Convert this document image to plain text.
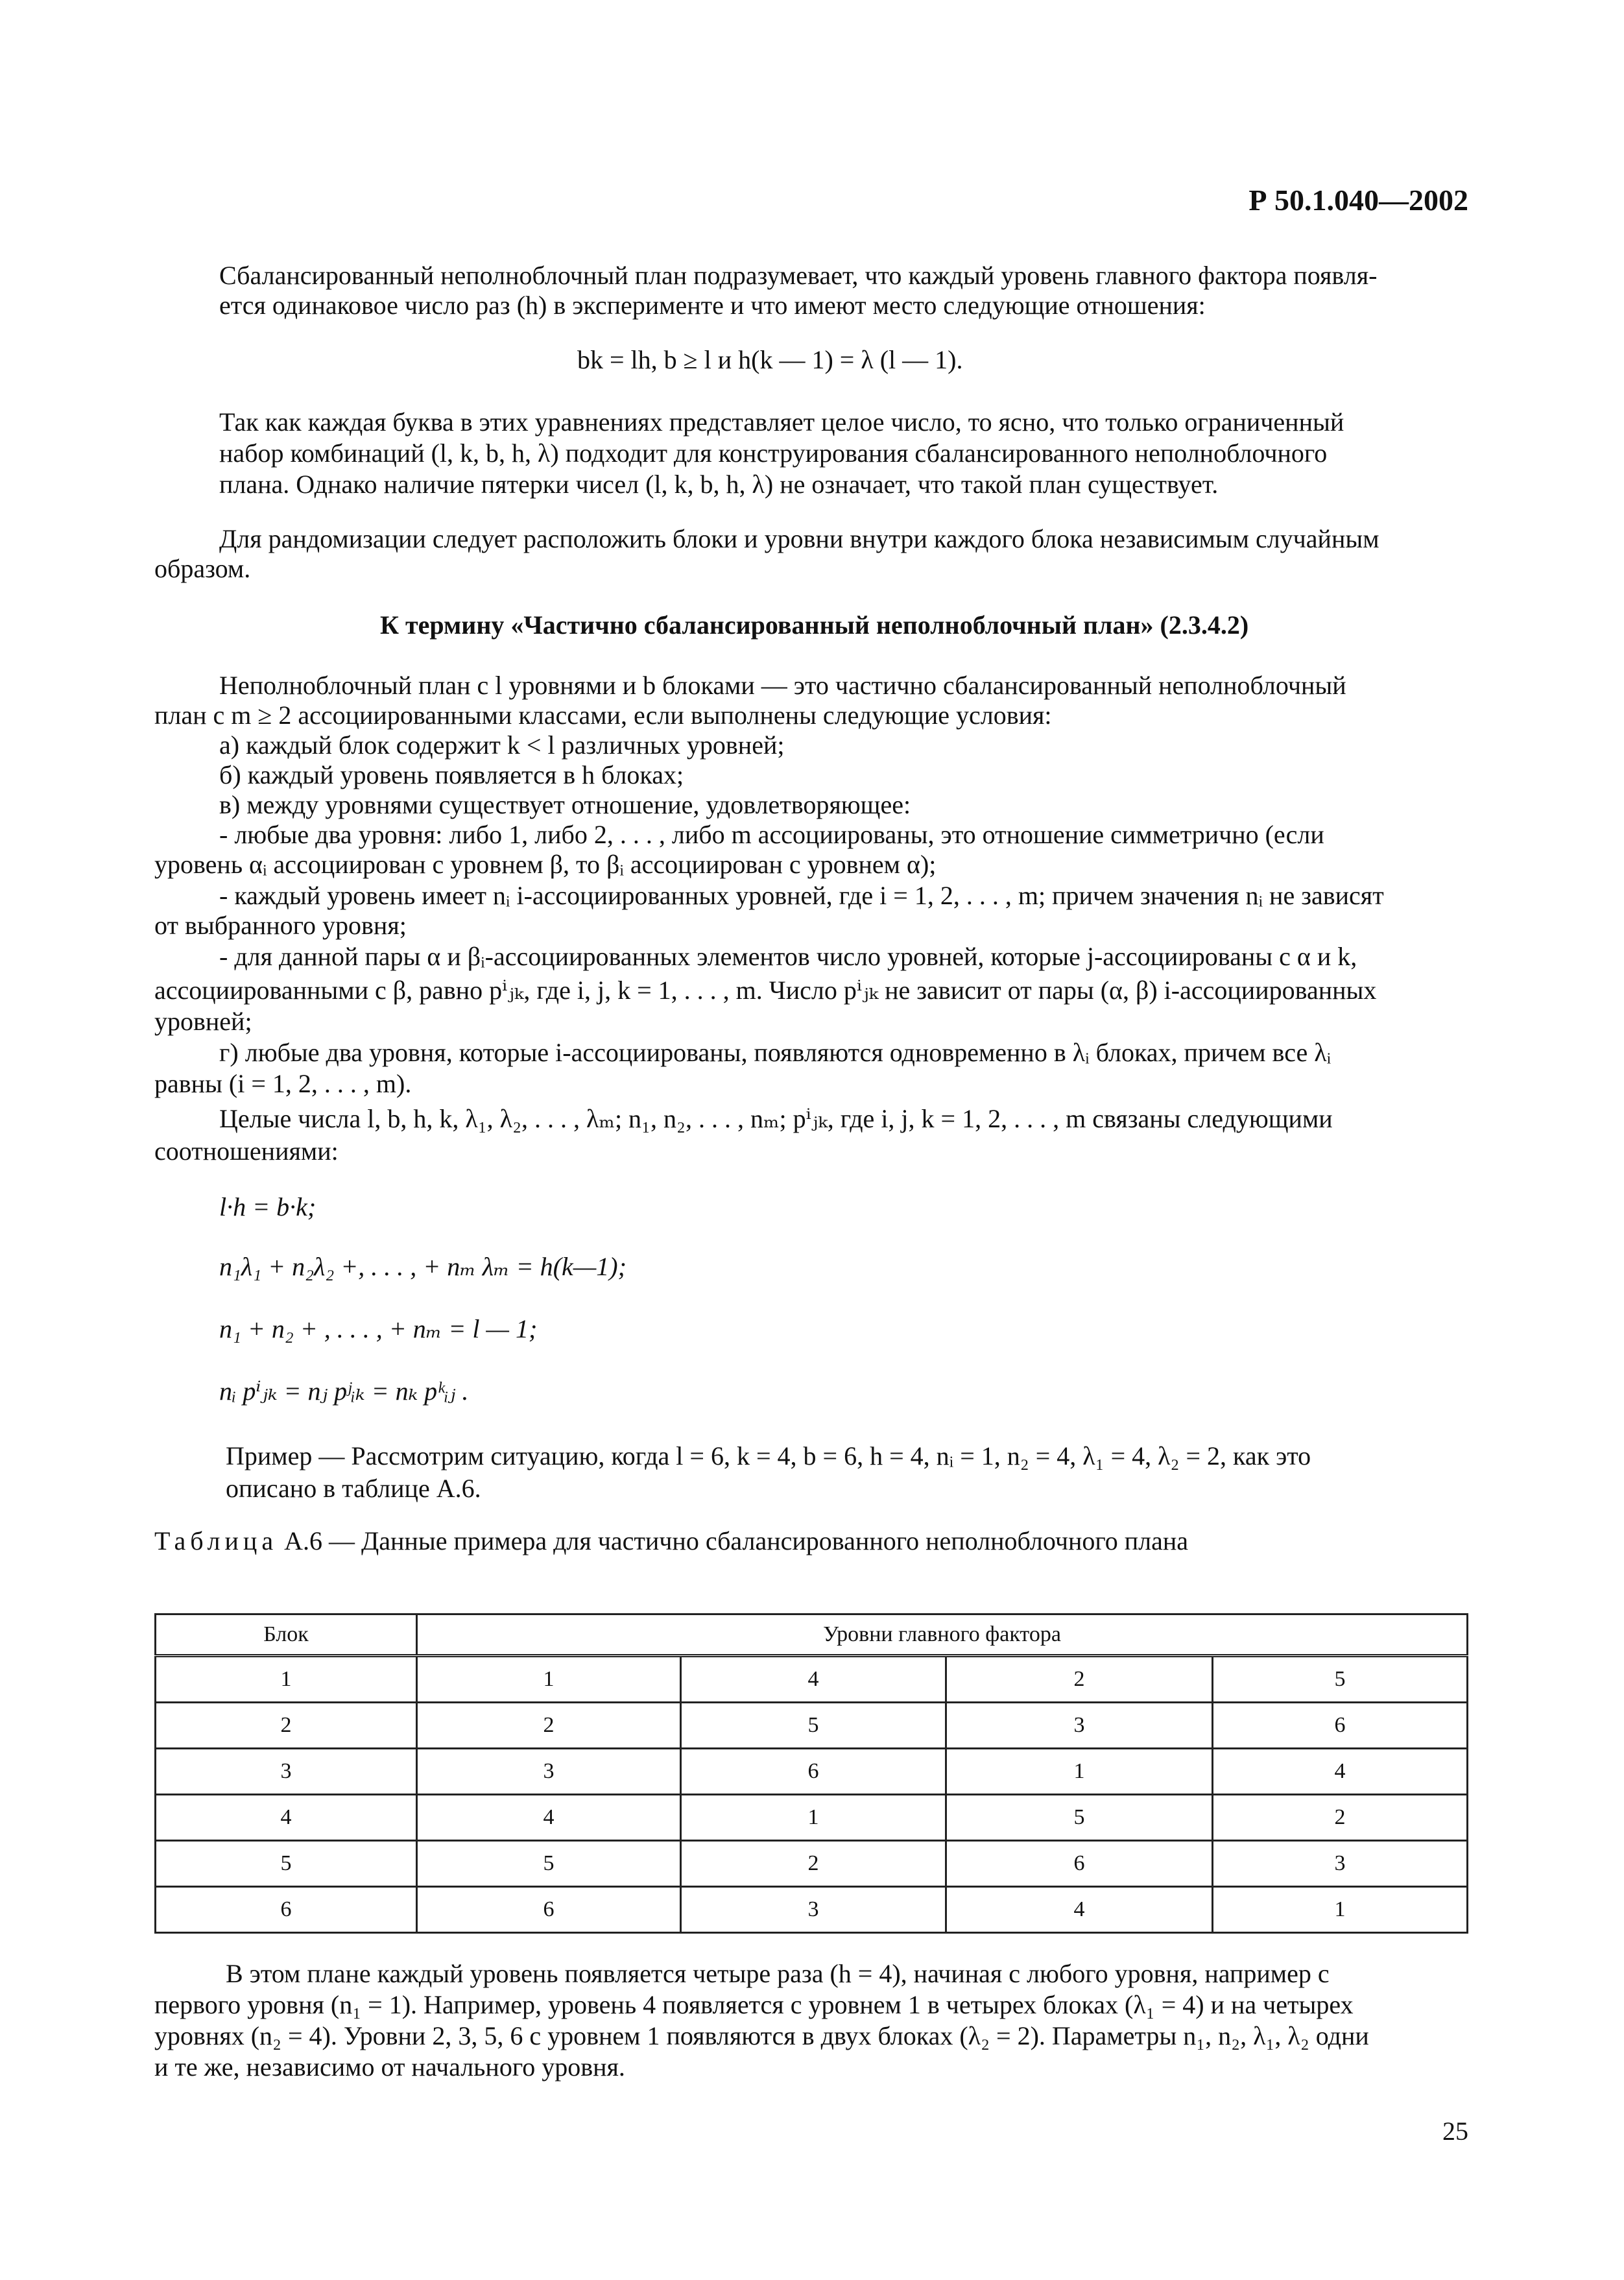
Р 50.1.040—2002
Сбалансированный неполноблочный план подразумевает, что каждый уровень главного фактора появля-
ется одинаковое число раз (h) в эксперименте и что имеют место следующие отношения:
bk = lh, b ≥ l и h(k — 1) = λ (l — 1).
Так как каждая буква в этих уравнениях представляет целое число, то ясно, что только ограниченный
набор комбинаций (l, k, b, h, λ) подходит для конструирования сбалансированного неполноблочного
плана. Однако наличие пятерки чисел (l, k, b, h, λ) не означает, что такой план существует.
Для рандомизации следует расположить блоки и уровни внутри каждого блока независимым случайным
образом.
К термину «Частично сбалансированный неполноблочный план» (2.3.4.2)
Неполноблочный план с l уровнями и b блоками — это частично сбалансированный неполноблочный
план с m ≥ 2 ассоциированными классами, если выполнены следующие условия:
а) каждый блок содержит k < l различных уровней;
б) каждый уровень появляется в h блоках;
в) между уровнями существует отношение, удовлетворяющее:
- любые два уровня: либо 1, либо 2, . . . , либо m ассоциированы, это отношение симметрично (если
уровень αᵢ ассоциирован с уровнем β, то βᵢ ассоциирован с уровнем α);
- каждый уровень имеет nᵢ i-ассоциированных уровней, где i = 1, 2, . . . , m; причем значения nᵢ не зависят
от выбранного уровня;
- для данной пары α и βᵢ-ассоциированных элементов число уровней, которые j-ассоциированы с α и k,
ассоциированными с β, равно pⁱⱼₖ, где i, j, k = 1, . . . , m. Число pⁱⱼₖ не зависит от пары (α, β) i-ассоциированных
уровней;
г) любые два уровня, которые i-ассоциированы, появляются одновременно в λᵢ блоках, причем все λᵢ
равны (i = 1, 2, . . . , m).
Целые числа l, b, h, k, λ₁, λ₂, . . . , λₘ; n₁, n₂, . . . , nₘ; pⁱⱼₖ, где i, j, k = 1, 2, . . . , m связаны следующими
соотношениями:
l·h = b·k;
n₁λ₁ + n₂λ₂ +, . . . , + nₘ λₘ = h(k—1);
n₁ + n₂ + , . . . , + nₘ = l — 1;
nᵢ pⁱⱼₖ = nⱼ pʲᵢₖ = nₖ pᵏᵢⱼ .
Пример — Рассмотрим ситуацию, когда l = 6, k = 4, b = 6, h = 4, nᵢ = 1, n₂ = 4, λ₁ = 4, λ₂ = 2, как это
описано в таблице А.6.
Таблица А.6 — Данные примера для частично сбалансированного неполноблочного плана
Блок	Уровни главного фактора			
1	1	4	2	5
2	2	5	3	6
3	3	6	1	4
4	4	1	5	2
5	5	2	6	3
6	6	3	4	1
В этом плане каждый уровень появляется четыре раза (h = 4), начиная с любого уровня, например с
первого уровня (n₁ = 1). Например, уровень 4 появляется с уровнем 1 в четырех блоках (λ₁ = 4) и на четырех
уровнях (n₂ = 4). Уровни 2, 3, 5, 6 с уровнем 1 появляются в двух блоках (λ₂ = 2). Параметры n₁, n₂, λ₁, λ₂ одни
и те же, независимо от начального уровня.
25
